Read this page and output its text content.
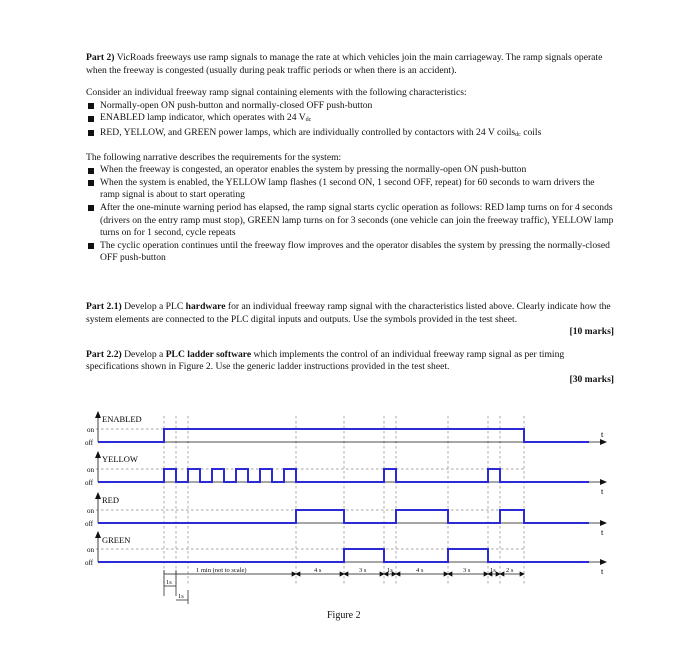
Part 2) VicRoads freeways use ramp signals to manage the rate at which vehicles join the main carriageway. The ramp signals operate when the freeway is congested (usually during peak traffic periods or when there is an accident).

Consider an individual freeway ramp signal containing elements with the following characteristics:

Normally-open ON push-button and normally-closed OFF push-button
ENABLED lamp indicator, which operates with 24 Vdc
RED, YELLOW, and GREEN power lamps, which are individually controlled by contactors with 24 V coilsdc coils

The following narrative describes the requirements for the system:

When the freeway is congested, an operator enables the system by pressing the normally-open ON push-button
When the system is enabled, the YELLOW lamp flashes (1 second ON, 1 second OFF, repeat) for 60 seconds to warn drivers the ramp signal is about to start operating
After the one-minute warning period has elapsed, the ramp signal starts cyclic operation as follows: RED lamp turns on for 4 seconds (drivers on the entry ramp must stop), GREEN lamp turns on for 3 seconds (one vehicle can join the freeway traffic), YELLOW lamp turns on for 1 second, cycle repeats
The cyclic operation continues until the freeway flow improves and the operator disables the system by pressing the normally-closed OFF push-button

Part 2.1) Develop a PLC hardware for an individual freeway ramp signal with the characteristics listed above. Clearly indicate how the system elements are connected to the PLC digital inputs and outputs. Use the symbols provided in the test sheet.

[10 marks]

Part 2.2) Develop a PLC ladder software which implements the control of an individual freeway ramp signal as per timing specifications shown in Figure 2. Use the generic ladder instructions provided in the test sheet.

[30 marks]

ENABLED
on
off
t
YELLOW
on
off
t
RED
on
off
t
GREEN
on
off
t
1 min (not to scale)	4 s	3 s	1s	4 s	3 s	1s 2 s
1s
1s
Figure 2
